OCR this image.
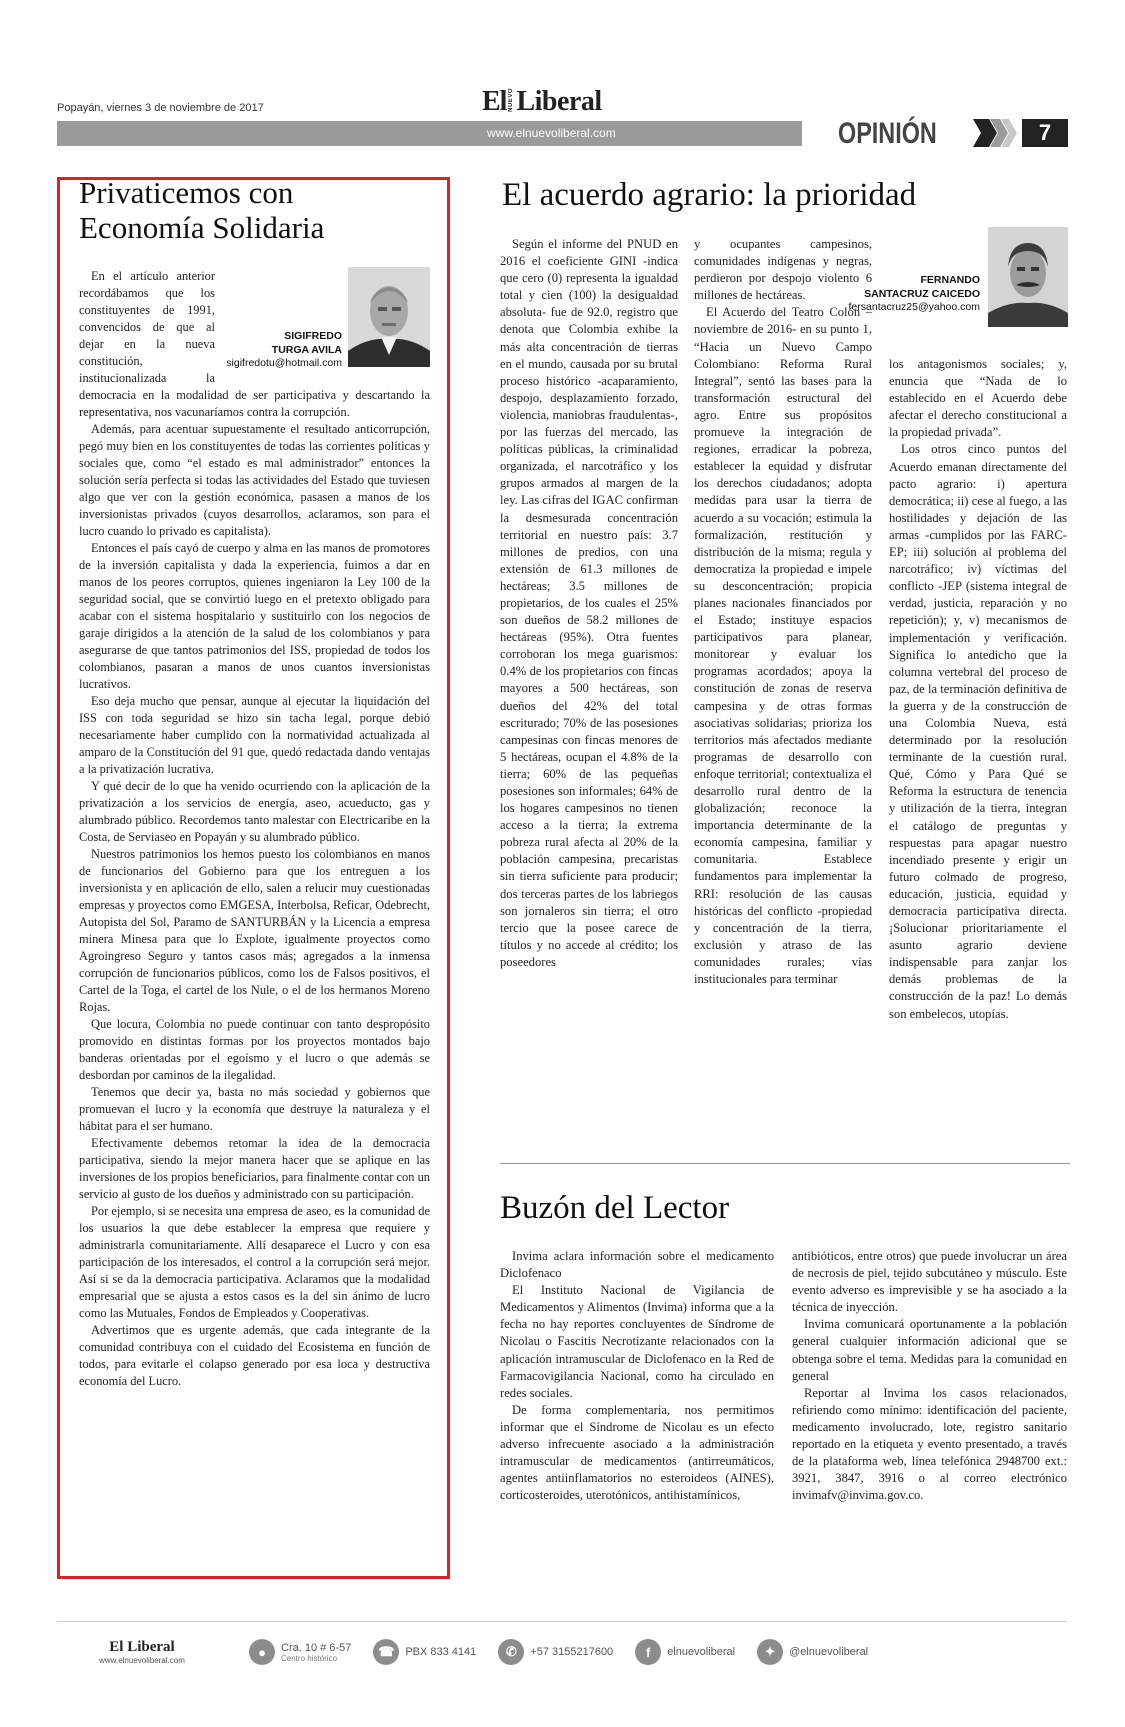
Popayán, viernes 3 de noviembre de 2017	El NUEVO Liberal
www.elnuevoliberal.com	OPINIÓN	7
Privaticemos con
Economía Solidaria
SIGIFREDO
TURGA AVILA
sigifredotu@hotmail.com

En el artículo anterior recordábamos que los constituyentes de 1991, convencidos de que al dejar en la nueva constitución, institucionalizada la democracia en la modalidad de ser participativa y descartando la representativa, nos vacunaríamos contra la corrupción.

Además, para acentuar supuestamente el resultado anticorrupción, pegó muy bien en los constituyentes de todas las corrientes políticas y sociales que, como “el estado es mal administrador” entonces la solución sería perfecta si todas las actividades del Estado que tuviesen algo que ver con la gestión económica, pasasen a manos de los inversionistas privados (cuyos desarrollos, aclaramos, son para el lucro cuando lo privado es capitalista).

Entonces el país cayó de cuerpo y alma en las manos de promotores de la inversión capitalista y dada la experiencia, fuimos a dar en manos de los peores corruptos, quienes ingeniaron la Ley 100 de la seguridad social, que se convirtió luego en el pretexto obligado para acabar con el sistema hospitalario y sustituirlo con los negocios de garaje dirigidos a la atención de la salud de los colombianos y para asegurarse de que tantos patrimonios del ISS, propiedad de todos los colombianos, pasaran a manos de unos cuantos inversionistas lucrativos.

Eso deja mucho que pensar, aunque al ejecutar la liquidación del ISS con toda seguridad se hizo sin tacha legal, porque debió necesariamente haber cumplido con la normatividad actualizada al amparo de la Constitución del 91 que, quedó redactada dando ventajas a la privatización lucrativa.

Y qué decir de lo que ha venido ocurriendo con la aplicación de la privatización a los servicios de energía, aseo, acueducto, gas y alumbrado público. Recordemos tanto malestar con Electricaribe en la Costa, de Serviaseo en Popayán y su alumbrado público.

Nuestros patrimonios los hemos puesto los colombianos en manos de funcionarios del Gobierno para que los entreguen a los inversionista y en aplicación de ello, salen a relucir muy cuestionadas empresas y proyectos como EMGESA, Interbolsa, Reficar, Odebrecht, Autopista del Sol, Paramo de SANTURBÁN y la Licencia a empresa minera Minesa para que lo Explote, igualmente proyectos como Agroingreso Seguro y tantos casos más; agregados a la inmensa corrupción de funcionarios públicos, como los de Falsos positivos, el Cartel de la Toga, el cartel de los Nule, o el de los hermanos Moreno Rojas.

Que locura, Colombia no puede continuar con tanto despropósito promovido en distintas formas por los proyectos montados bajo banderas orientadas por el egoísmo y el lucro o que además se desbordan por caminos de la ilegalidad.

Tenemos que decir ya, basta no más sociedad y gobiernos que promuevan el lucro y la economía que destruye la naturaleza y el hábitat para el ser humano.

Efectivamente debemos retomar la idea de la democracia participativa, siendo la mejor manera hacer que se aplique en las inversiones de los propios beneficiarios, para finalmente contar con un servicio al gusto de los dueños y administrado con su participación.

Por ejemplo, si se necesita una empresa de aseo, es la comunidad de los usuarios la que debe establecer la empresa que requiere y administrarla comunitariamente. Allí desaparece el Lucro y con esa participación de los interesados, el control a la corrupción será mejor. Así si se da la democracia participativa. Aclaramos que la modalidad empresarial que se ajusta a estos casos es la del sin ánimo de lucro como las Mutuales, Fondos de Empleados y Cooperativas.

Advertimos que es urgente además, que cada integrante de la comunidad contribuya con el cuidado del Ecosistema en función de todos, para evitarle el colapso generado por esa loca y destructiva economía del Lucro.

El acuerdo agrario: la prioridad
FERNANDO
SANTACRUZ CAICEDO
fersantacruz25@yahoo.com

Según el informe del PNUD en 2016 el coeficiente GINI -indica que cero (0) representa la igualdad total y cien (100) la desigualdad absoluta- fue de 92.0, registro que denota que Colombia exhibe la más alta concentración de tierras en el mundo, causada por su brutal proceso histórico -acaparamiento, despojo, desplazamiento forzado, violencia, maniobras fraudulentas-, por las fuerzas del mercado, las políticas públicas, la criminalidad organizada, el narcotráfico y los grupos armados al margen de la ley. Las cifras del IGAC confirman la desmesurada concentración territorial en nuestro país: 3.7 millones de predios, con una extensión de 61.3 millones de hectáreas; 3.5 millones de propietarios, de los cuales el 25% son dueños de 58.2 millones de hectáreas (95%). Otra fuentes corroboran los mega guarismos: 0.4% de los propietarios con fincas mayores a 500 hectáreas, son dueños del 42% del total escriturado; 70% de las posesiones campesinas con fincas menores de 5 hectáreas, ocupan el 4.8% de la tierra; 60% de las pequeñas posesiones son informales; 64% de los hogares campesinos no tienen acceso a la tierra; la extrema pobreza rural afecta al 20% de la población campesina, precaristas sin tierra suficiente para producir; dos terceras partes de los labriegos son jornaleros sin tierra; el otro tercio que la posee carece de títulos y no accede al crédito; los poseedores

y ocupantes campesinos, comunidades indígenas y negras, perdieron por despojo violento 6 millones de hectáreas.

El Acuerdo del Teatro Colón –noviembre de 2016- en su punto 1, “Hacia un Nuevo Campo Colombiano: Reforma Rural Integral”, sentó las bases para la transformación estructural del agro. Entre sus propósitos promueve la integración de regiones, erradicar la pobreza, establecer la equidad y disfrutar los derechos ciudadanos; adopta medidas para usar la tierra de acuerdo a su vocación; estimula la formalización, restitución y distribución de la misma; regula y democratiza la propiedad e impele su desconcentración; propicia planes nacionales financiados por el Estado; instituye espacios participativos para planear, monitorear y evaluar los programas acordados; apoya la constitución de zonas de reserva campesina y de otras formas asociativas solidarias; prioriza los territorios más afectados mediante programas de desarrollo con enfoque territorial; contextualiza el desarrollo rural dentro de la globalización; reconoce la importancia determinante de la economía campesina, familiar y comunitaria. Establece fundamentos para implementar la RRI: resolución de las causas históricas del conflicto -propiedad y concentración de la tierra, exclusión y atraso de las comunidades rurales; vías institucionales para terminar

los antagonismos sociales; y, enuncia que “Nada de lo establecido en el Acuerdo debe afectar el derecho constitucional a la propiedad privada”.

Los otros cinco puntos del Acuerdo emanan directamente del pacto agrario: i) apertura democrática; ii) cese al fuego, a las hostilidades y dejación de las armas -cumplidos por las FARC-EP; iii) solución al problema del narcotráfico; iv) víctimas del conflicto -JEP (sistema integral de verdad, justicia, reparación y no repetición); y, v) mecanismos de implementación y verificación. Significa lo antedicho que la columna vertebral del proceso de paz, de la terminación definitiva de la guerra y de la construcción de una Colombia Nueva, está determinado por la resolución terminante de la cuestión rural. Qué, Cómo y Para Qué se Reforma la estructura de tenencia y utilización de la tierra, integran el catálogo de preguntas y respuestas para apagar nuestro incendiado presente y erigir un futuro colmado de progreso, educación, justicia, equidad y democracia participativa directa. ¡Solucionar prioritariamente el asunto agrario deviene indispensable para zanjar los demás problemas de la construcción de la paz! Lo demás son embelecos, utopías.

Buzón del Lector

Invima aclara información sobre el medicamento Diclofenaco

El Instituto Nacional de Vigilancia de Medicamentos y Alimentos (Invima) informa que a la fecha no hay reportes concluyentes de Síndrome de Nicolau o Fascitis Necrotizante relacionados con la aplicación intramuscular de Diclofenaco en la Red de Farmacovigilancia Nacional, como ha circulado en redes sociales.

De forma complementaria, nos permitimos informar que el Síndrome de Nicolau es un efecto adverso infrecuente asociado a la administración intramuscular de medicamentos (antirreumáticos, agentes antiinflamatorios no esteroideos (AINES), corticosteroides, uterotónicos, antihistamínicos,

antibióticos, entre otros) que puede involucrar un área de necrosis de piel, tejido subcutáneo y músculo. Este evento adverso es imprevisible y se ha asociado a la técnica de inyección.

Invima comunicará oportunamente a la población general cualquier información adicional que se obtenga sobre el tema. Medidas para la comunidad en general

Reportar al Invima los casos relacionados, refiriendo como mínimo: identificación del paciente, medicamento involucrado, lote, registro sanitario reportado en la etiqueta y evento presentado, a través de la plataforma web, línea telefónica 2948700 ext.: 3921, 3847, 3916 o al correo electrónico invimafv@invima.gov.co.

El Liberal
www.elnuevoliberal.com
●	Cra. 10 # 6-57
Centro histórico	☎ PBX 833 4141	✆	+57 3155217600	f	elnuevoliberal	✦	@elnuevoliberal
